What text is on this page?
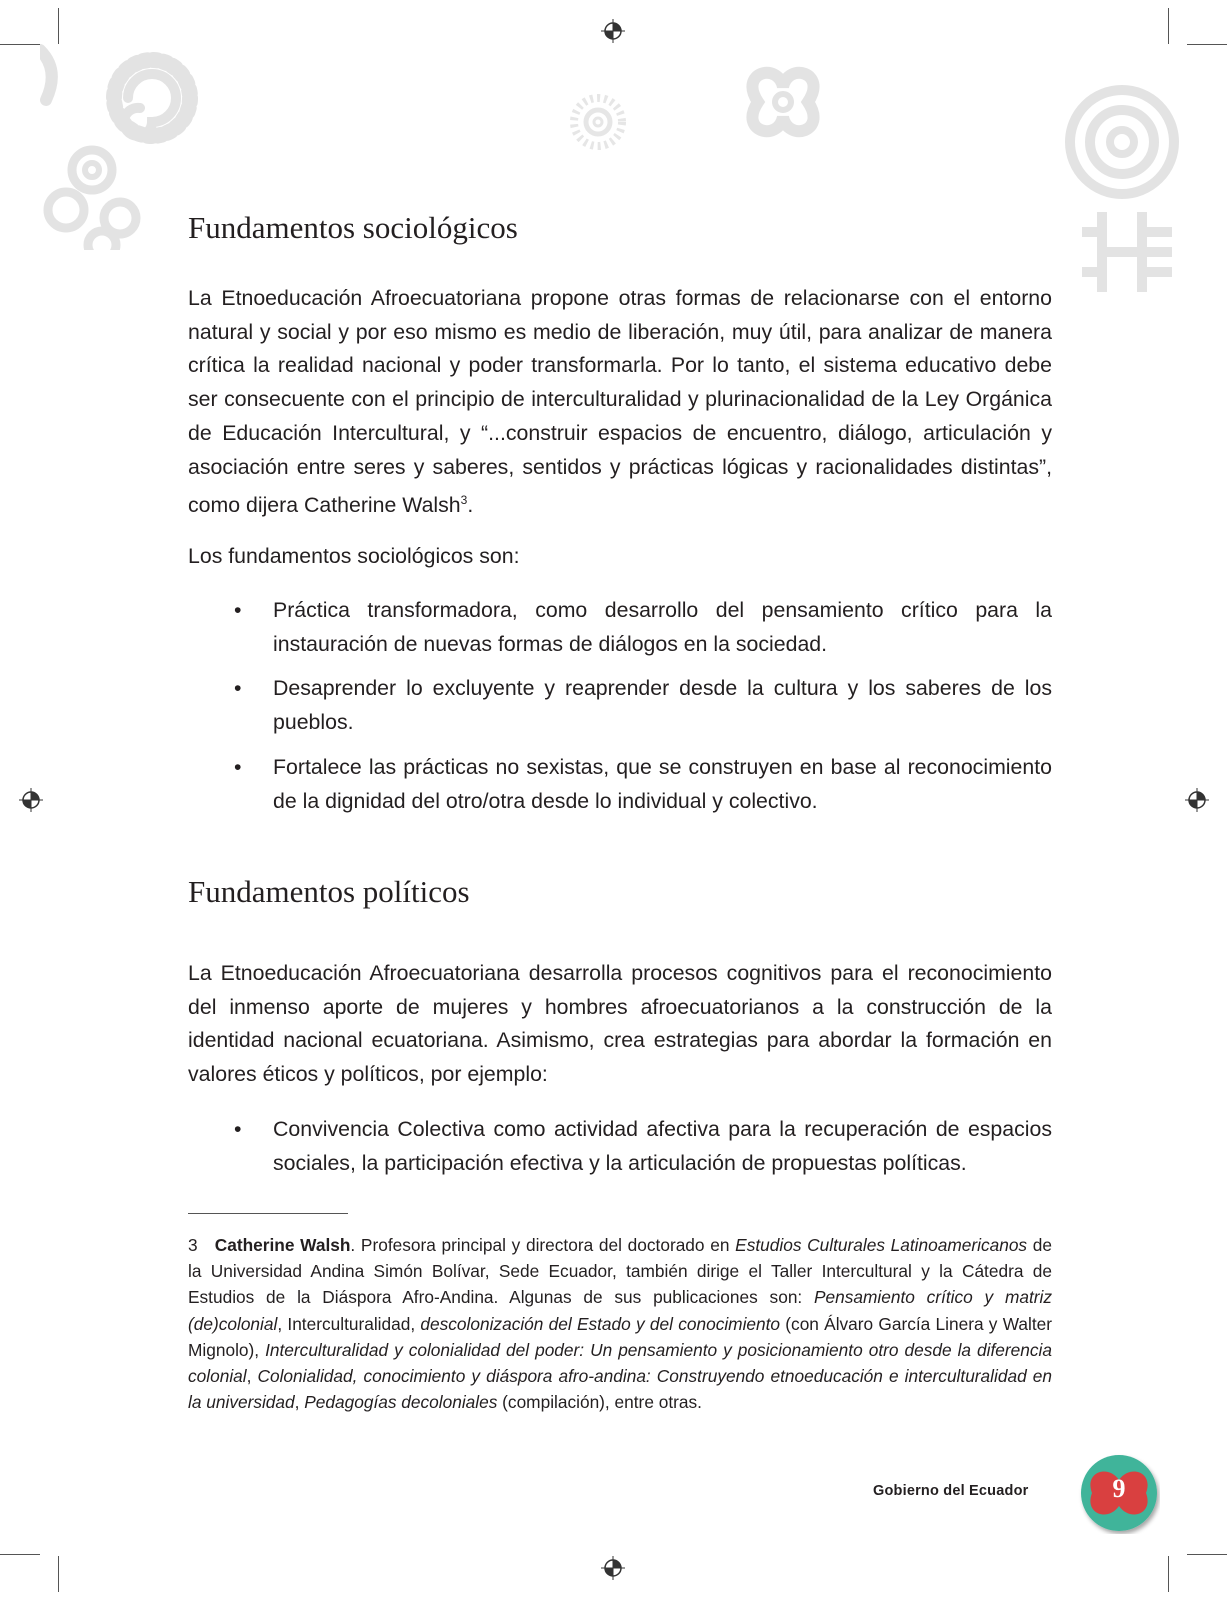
Fundamentos sociológicos
La Etnoeducación Afroecuatoriana propone otras formas de relacionarse con el entorno natural y social y por eso mismo es medio de liberación, muy útil, para analizar de manera crítica la realidad nacional y poder transformarla. Por lo tanto, el sistema educativo debe ser consecuente con el principio de interculturalidad y plurinacionalidad de la Ley Orgánica de Educación Intercultural, y “...construir espacios de encuentro, diálogo, articulación y asociación entre seres y saberes, sentidos y prácticas lógicas y racionalidades distintas”, como dijera Catherine Walsh$^3$.
Los fundamentos sociológicos son:
• Práctica transformadora, como desarrollo del pensamiento crítico para la instauración de nuevas formas de diálogos en la sociedad.
• Desaprender lo excluyente y reaprender desde la cultura y los saberes de los pueblos.
• Fortalece las prácticas no sexistas, que se construyen en base al reconocimiento de la dignidad del otro/otra desde lo individual y colectivo.
Fundamentos políticos
La Etnoeducación Afroecuatoriana desarrolla procesos cognitivos para el reconocimiento del inmenso aporte de mujeres y hombres afroecuatorianos a la construcción de la identidad nacional ecuatoriana. Asimismo, crea estrategias para abordar la formación en valores éticos y políticos, por ejemplo:
• Convivencia Colectiva como actividad afectiva para la recuperación de espacios sociales, la participación efectiva y la articulación de propuestas políticas.
3 Catherine Walsh. Profesora principal y directora del doctorado en Estudios Culturales Latinoamericanos de la Universidad Andina Simón Bolívar, Sede Ecuador, también dirige el Taller Intercultural y la Cátedra de Estudios de la Diáspora Afro-Andina. Algunas de sus publicaciones son: Pensamiento crítico y matriz (de)colonial, Interculturalidad, descolonización del Estado y del conocimiento (con Álvaro García Linera y Walter Mignolo), Interculturalidad y colonialidad del poder: Un pensamiento y posicionamiento otro desde la diferencia colonial, Colonialidad, conocimiento y diáspora afro-andina: Construyendo etnoeducación e interculturalidad en la universidad, Pedagogías decoloniales (compilación), entre otras.
Gobierno del Ecuador	9
